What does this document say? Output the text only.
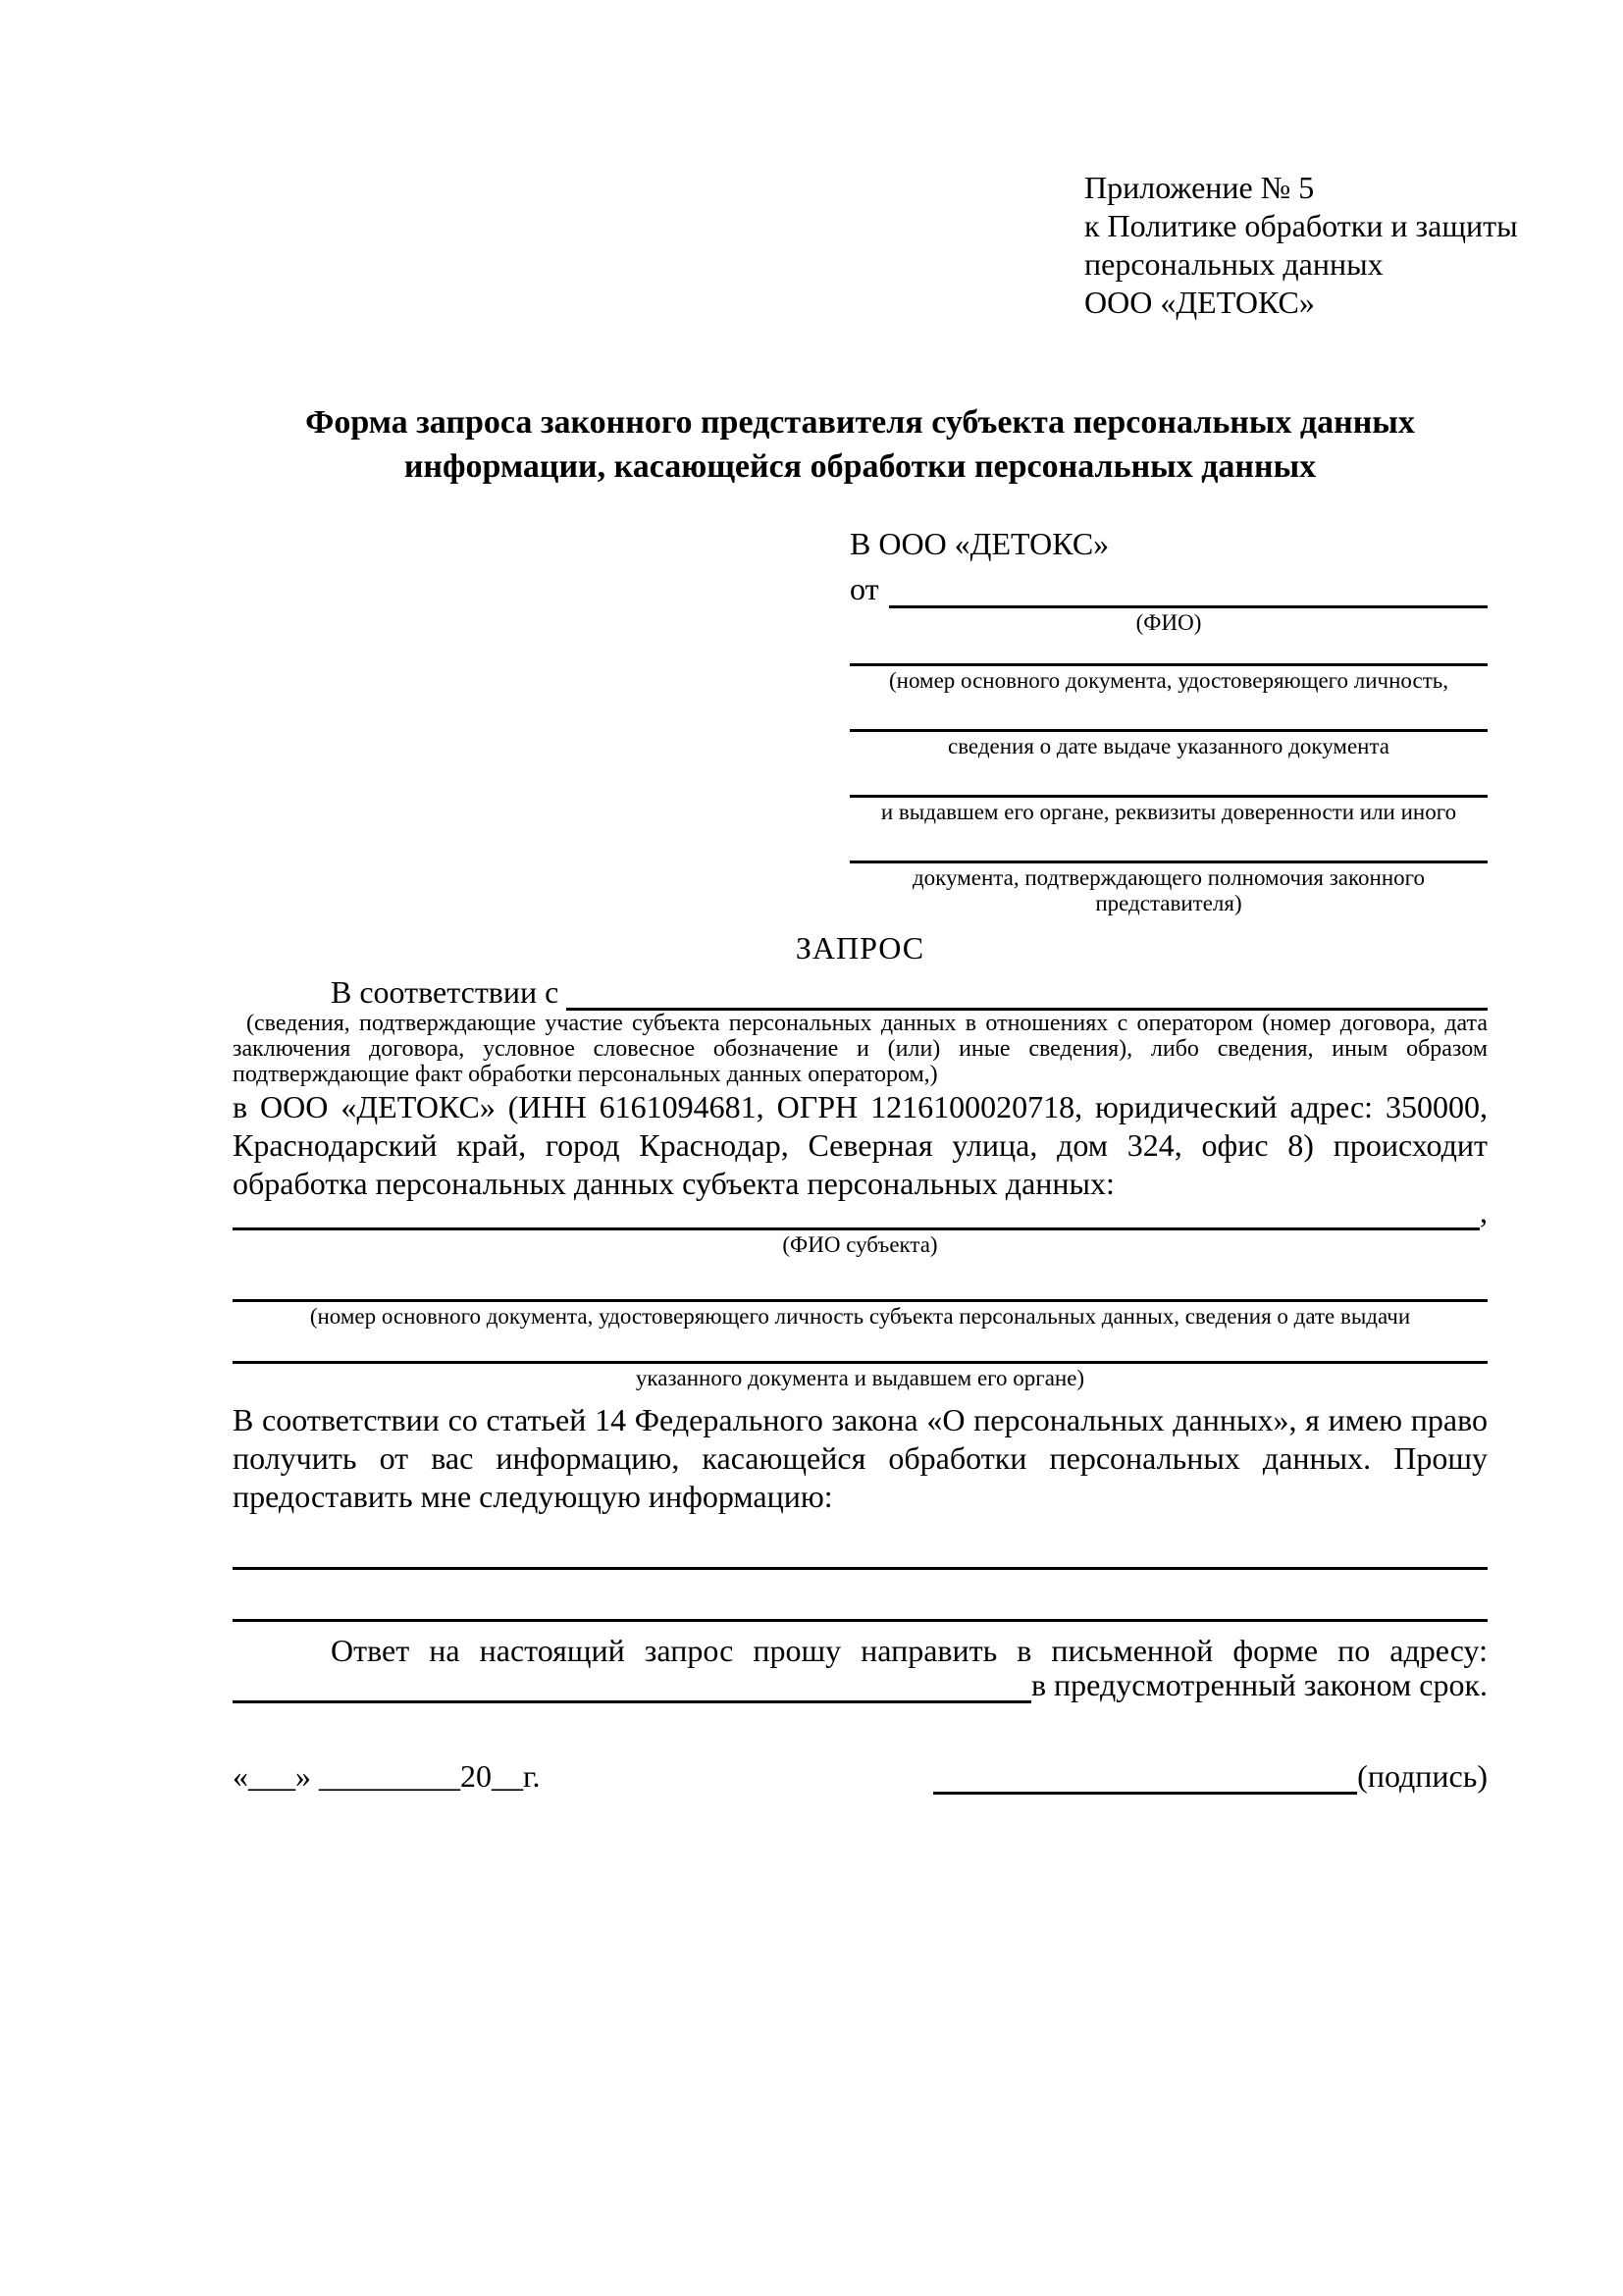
Приложение № 5
к Политике обработки и защиты
персональных данных
ООО «ДЕТОКС»
Форма запроса законного представителя субъекта персональных данных
информации, касающейся обработки персональных данных
В ООО «ДЕТОКС»
от
(ФИО)
(номер основного документа, удостоверяющего личность,
сведения о дате выдаче указанного документа
и выдавшем его органе, реквизиты доверенности или иного
документа, подтверждающего полномочия законного представителя)
ЗАПРОС
В соответствии с
(сведения, подтверждающие участие субъекта персональных данных в отношениях с оператором (номер договора, дата заключения договора, условное словесное обозначение и (или) иные сведения), либо сведения, иным образом подтверждающие факт обработки персональных данных оператором,)
в ООО «ДЕТОКС» (ИНН 6161094681, ОГРН 1216100020718, юридический адрес: 350000, Краснодарский край, город Краснодар, Северная улица, дом 324, офис 8) происходит обработка персональных данных субъекта персональных данных:
,
(ФИО субъекта)
(номер основного документа, удостоверяющего личность субъекта персональных данных, сведения о дате выдачи
указанного документа и выдавшем его органе)
В соответствии со статьей 14 Федерального закона «О персональных данных», я имею право получить от вас информацию, касающейся обработки персональных данных. Прошу предоставить мне следующую информацию:
Ответ на настоящий запрос прошу направить в письменной форме по адресу:
в предусмотренный законом срок.
«___» _________20__г.	(подпись)
